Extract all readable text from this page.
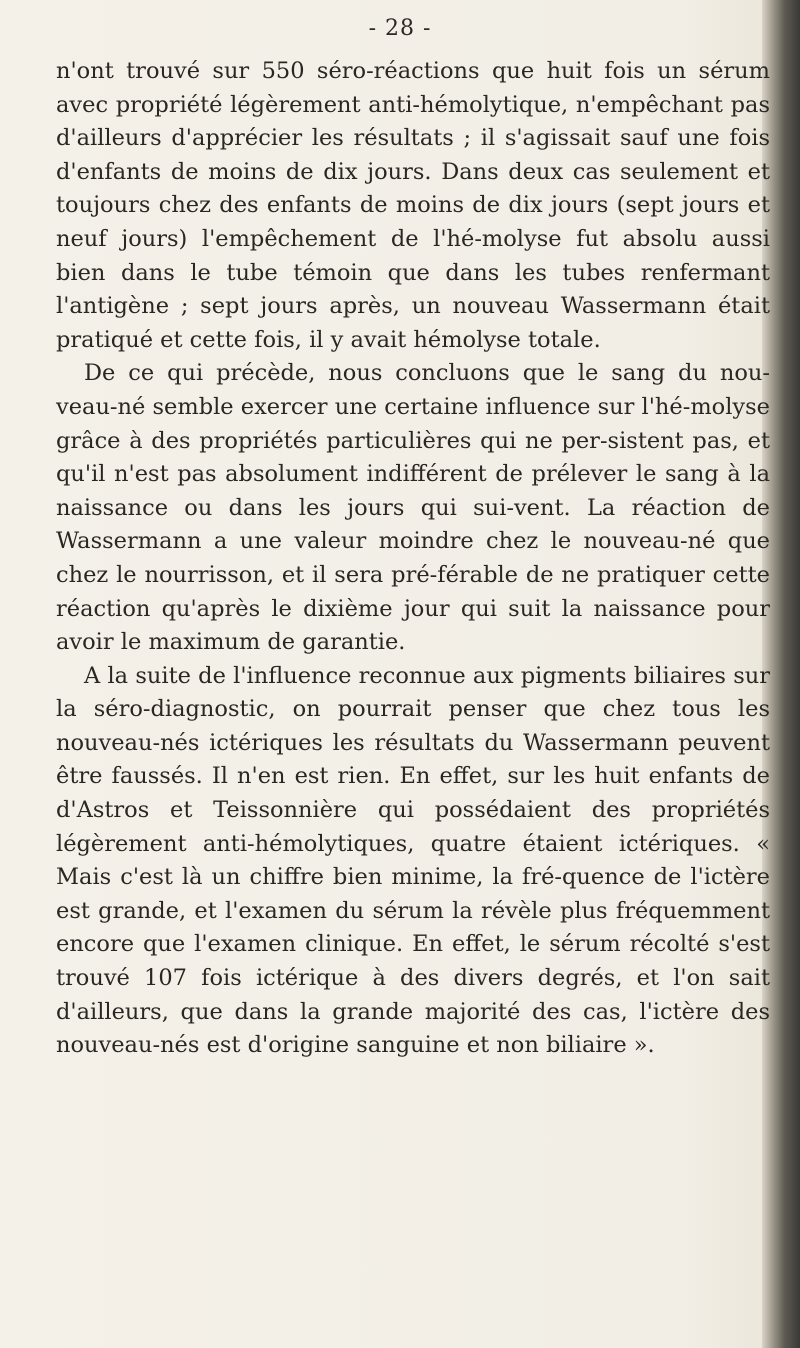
- 28 -

n'ont trouvé sur 550 séro-réactions que huit fois un sérum avec propriété légèrement anti-hémolytique, n'empêchant pas d'ailleurs d'apprécier les résultats ; il s'agissait sauf une fois d'enfants de moins de dix jours. Dans deux cas seulement et toujours chez des enfants de moins de dix jours (sept jours et neuf jours) l'empêchement de l'hé-molyse fut absolu aussi bien dans le tube témoin que dans les tubes renfermant l'antigène ; sept jours après, un nouveau Wassermann était pratiqué et cette fois, il y avait hémolyse totale.

De ce qui précède, nous concluons que le sang du nou-veau-né semble exercer une certaine influence sur l'hé-molyse grâce à des propriétés particulières qui ne per-sistent pas, et qu'il n'est pas absolument indifférent de prélever le sang à la naissance ou dans les jours qui sui-vent. La réaction de Wassermann a une valeur moindre chez le nouveau-né que chez le nourrisson, et il sera pré-férable de ne pratiquer cette réaction qu'après le dixième jour qui suit la naissance pour avoir le maximum de garantie.

A la suite de l'influence reconnue aux pigments biliaires sur la séro-diagnostic, on pourrait penser que chez tous les nouveau-nés ictériques les résultats du Wassermann peuvent être faussés. Il n'en est rien. En effet, sur les huit enfants de d'Astros et Teissonnière qui possédaient des propriétés légèrement anti-hémolytiques, quatre étaient ictériques. « Mais c'est là un chiffre bien minime, la fré-quence de l'ictère est grande, et l'examen du sérum la révèle plus fréquemment encore que l'examen clinique. En effet, le sérum récolté s'est trouvé 107 fois ictérique à des divers degrés, et l'on sait d'ailleurs, que dans la grande majorité des cas, l'ictère des nouveau-nés est d'origine sanguine et non biliaire ».
